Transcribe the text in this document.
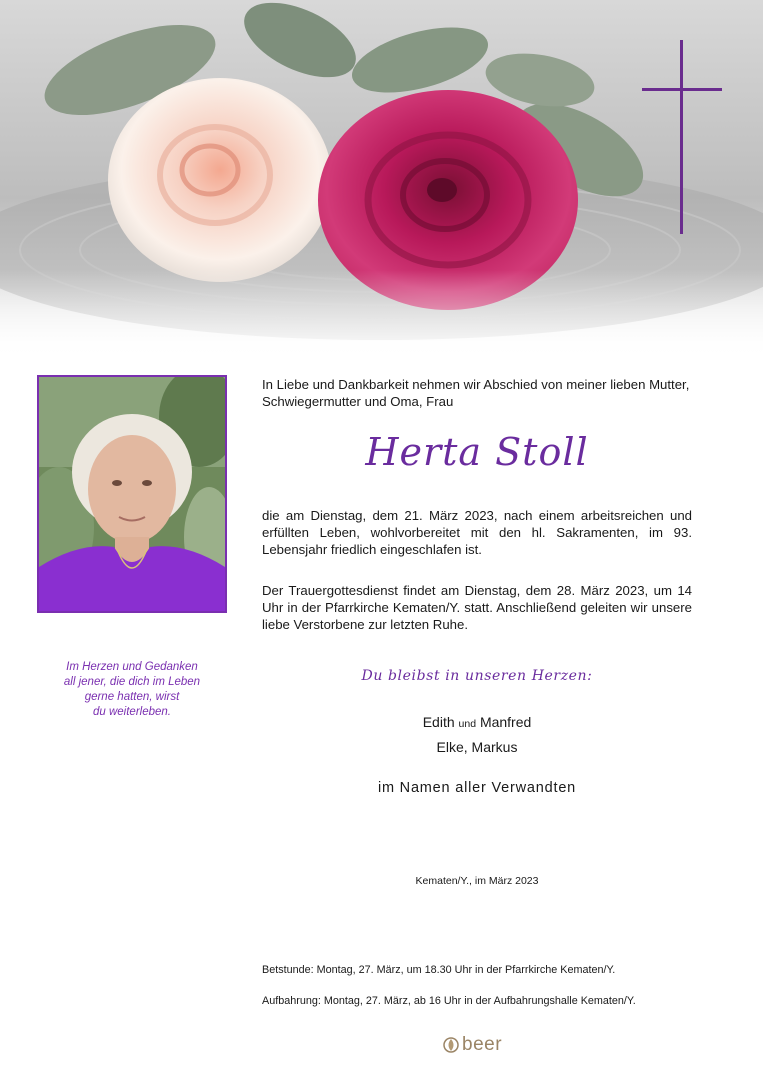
Im Herzen und Gedanken
all jener, die dich im Leben
gerne hatten, wirst
du weiterleben.
In Liebe und Dankbarkeit nehmen wir Abschied von meiner lieben Mutter, Schwiegermutter und Oma, Frau
Herta Stoll
die am Dienstag, dem 21. März 2023, nach einem arbeitsreichen und erfüllten Leben, wohlvorbereitet mit den hl. Sakramenten, im 93. Lebensjahr friedlich eingeschlafen ist.
Der Trauergottesdienst findet am Dienstag, dem 28. März 2023, um 14 Uhr in der Pfarrkirche Kematen/Y. statt. Anschließend geleiten wir unsere liebe Verstorbene zur letzten Ruhe.
Du bleibst in unseren Herzen:
Edith und Manfred
Elke, Markus
im Namen aller Verwandten
Kematen/Y., im März 2023
Betstunde: Montag, 27. März, um 18.30 Uhr in der Pfarrkirche Kematen/Y.
Aufbahrung: Montag, 27. März, ab 16 Uhr in der Aufbahrungshalle Kematen/Y.
beer
